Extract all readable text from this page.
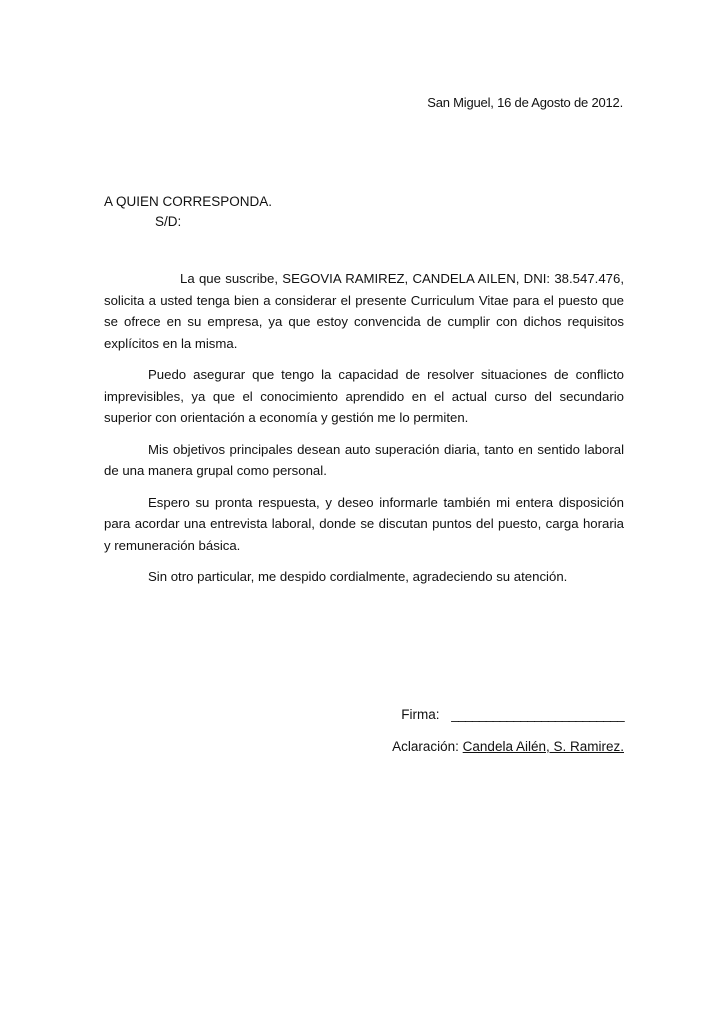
San Miguel, 16 de Agosto de 2012.
A QUIEN CORRESPONDA.
S/D:

La que suscribe, SEGOVIA RAMIREZ, CANDELA AILEN, DNI: 38.547.476, solicita a usted tenga bien a considerar el presente Curriculum Vitae para el puesto que se ofrece en su empresa, ya que estoy convencida de cumplir con dichos requisitos explícitos en la misma.

Puedo asegurar que tengo la capacidad de resolver situaciones de conflicto imprevisibles, ya que el conocimiento aprendido en el actual curso del secundario superior con orientación a economía y gestión me lo permiten.

Mis objetivos principales desean auto superación diaria, tanto en sentido laboral de una manera grupal como personal.

Espero su pronta respuesta, y deseo informarle también mi entera disposición para acordar una entrevista laboral, donde se discutan puntos del puesto, carga horaria y remuneración básica.

Sin otro particular, me despido cordialmente, agradeciendo su atención.

Firma: _________________________
Aclaración: Candela Ailén, S. Ramirez.
